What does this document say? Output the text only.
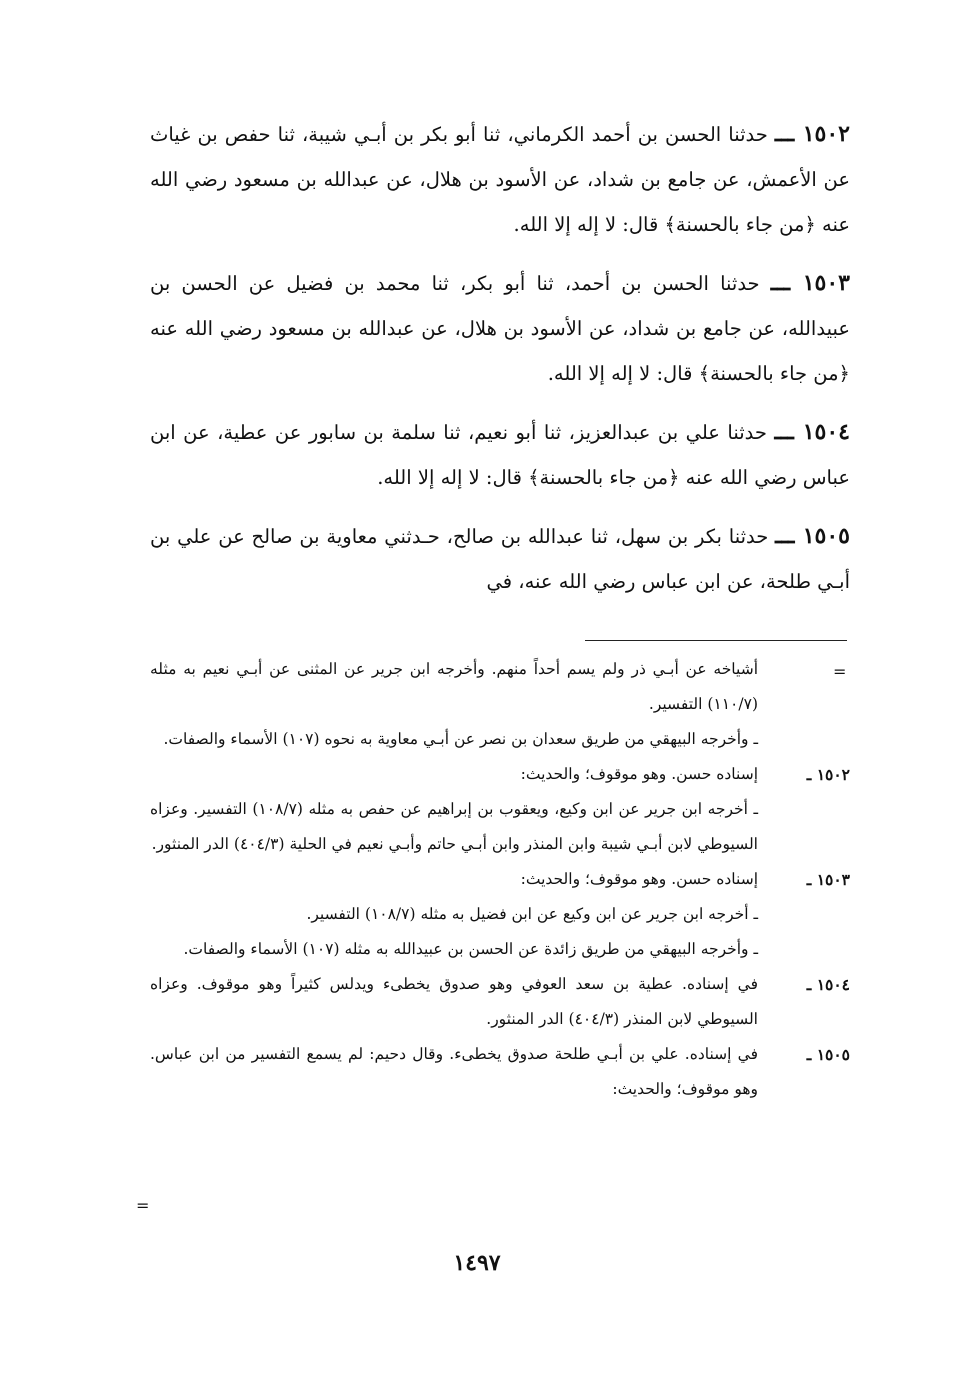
١٥٠٢ ـــ حدثنا الحسن بن أحمد الكرماني، ثنا أبو بكر بن أبـي شيبة، ثنا حفص بن غياث عن الأعمش، عن جامع بن شداد، عن الأسود بن هلال، عن عبدالله بن مسعود رضي الله عنه ﴿من جاء بالحسنة﴾ قال: لا إله إلا الله.

١٥٠٣ ـــ حدثنا الحسن بن أحمد، ثنا أبو بكر، ثنا محمد بن فضيل عن الحسن بن عبيدالله، عن جامع بن شداد، عن الأسود بن هلال، عن عبدالله بن مسعود رضي الله عنه ﴿من جاء بالحسنة﴾ قال: لا إله إلا الله.

١٥٠٤ ـــ حدثنا علي بن عبدالعزيز، ثنا أبو نعيم، ثنا سلمة بن سابور عن عطية، عن ابن عباس رضي الله عنه ﴿من جاء بالحسنة﴾ قال: لا إله إلا الله.

١٥٠٥ ـــ حدثنا بكر بن سهل، ثنا عبدالله بن صالح، حـدثني معاوية بن صالح عن علي بن أبـي طلحة، عن ابن عباس رضي الله عنه، في

=
أشياخه عن أبـي ذر ولم يسم أحداً منهم. وأخرجه ابن جرير عن المثنى عن أبـي نعيم به مثله (١١٠/٧) التفسير.
ـ وأخرجه البيهقي من طريق سعدان بن نصر عن أبـي معاوية به نحوه (١٠٧) الأسماء والصفات.
١٥٠٢ ـ
إسناده حسن. وهو موقوف؛ والحديث:
ـ أخرجه ابن جرير عن ابن وكيع، ويعقوب بن إبراهيم عن حفص به مثله (١٠٨/٧) التفسير. وعزاه السيوطي لابن أبـي شيبة وابن المنذر وابن أبـي حاتم وأبـي نعيم في الحلية (٤٠٤/٣) الدر المنثور.
١٥٠٣ ـ
إسناده حسن. وهو موقوف؛ والحديث:
ـ أخرجه ابن جرير عن ابن وكيع عن ابن فضيل به مثله (١٠٨/٧) التفسير.
ـ وأخرجه البيهقي من طريق زائدة عن الحسن بن عبيدالله به مثله (١٠٧) الأسماء والصفات.
١٥٠٤ ـ
في إسناده. عطية بن سعد العوفي وهو صدوق يخطىء ويدلس كثيراً وهو موقوف. وعزاه السيوطي لابن المنذر (٤٠٤/٣) الدر المنثور.
١٥٠٥ ـ
في إسناده. علي بن أبـي طلحة صدوق يخطىء. وقال دحيم: لم يسمع التفسير من ابن عباس. وهو موقوف؛ والحديث:
=
١٤٩٧
